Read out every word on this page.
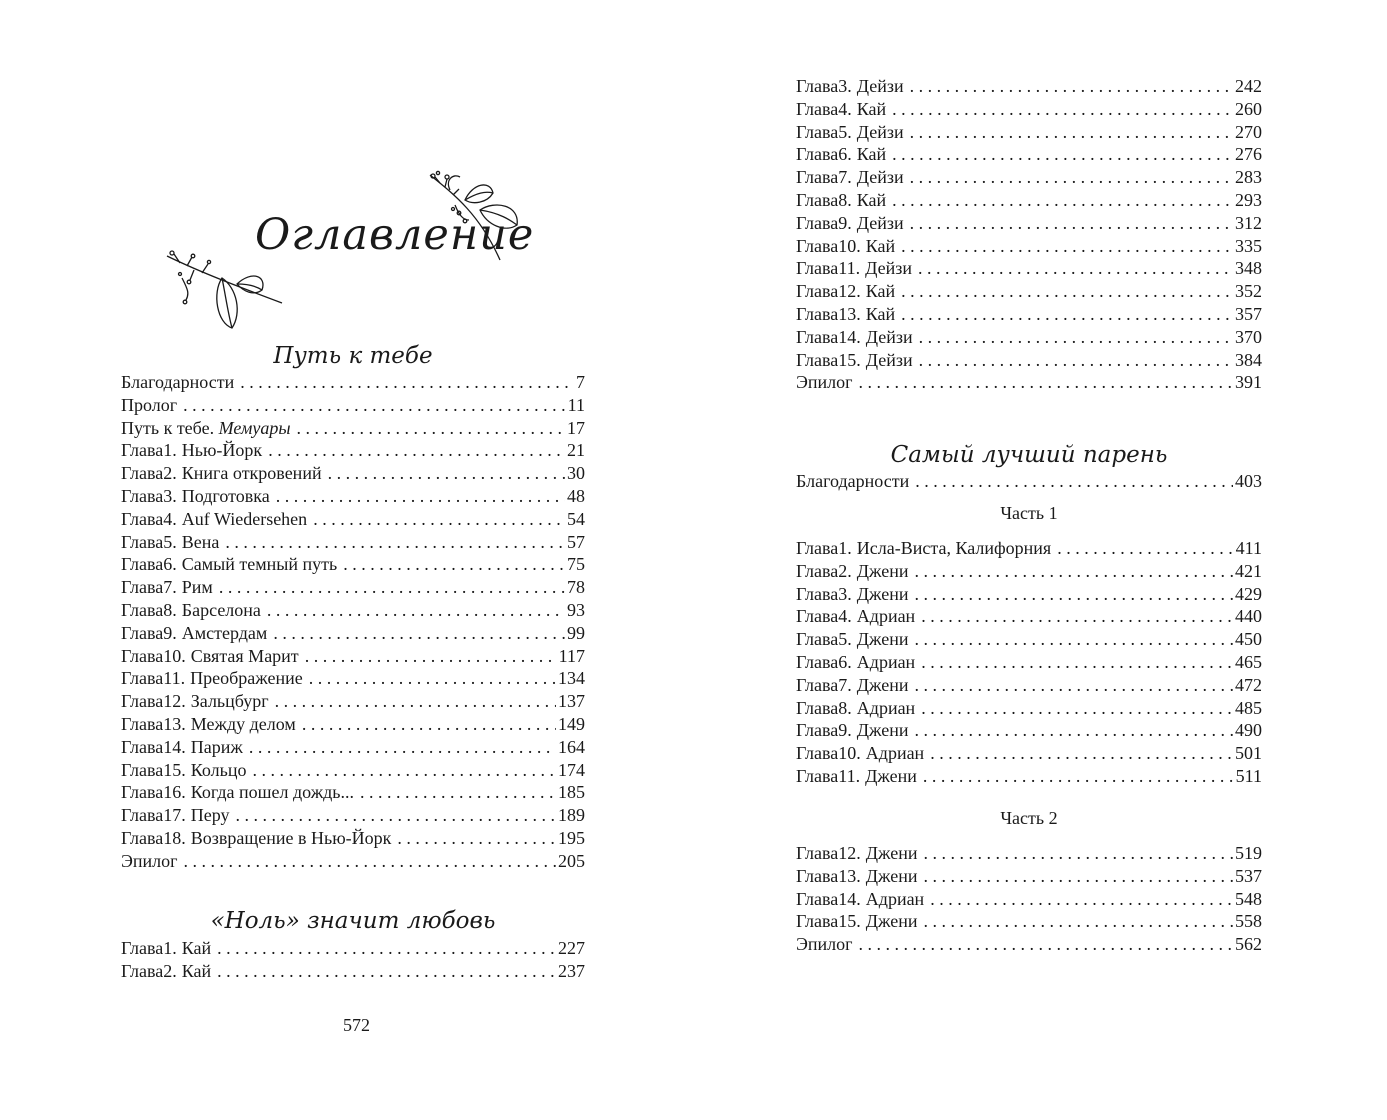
Оглавление
Путь к тебе
Благодарности . . .	7
Пролог . . .	11
Путь к тебе. Мемуары . . .	17
Глава 1. Нью-Йорк . . .	21
Глава 2. Книга откровений . . .	30
Глава 3. Подготовка . . .	48
Глава 4. Auf Wiedersehen . . .	54
Глава 5. Вена . . .	57
Глава 6. Самый темный путь . . .	75
Глава 7. Рим . . .	78
Глава 8. Барселона . . .	93
Глава 9. Амстердам . . .	99
Глава 10. Святая Марит . . .	117
Глава 11. Преображение . . .	134
Глава 12. Зальцбург . . .	137
Глава 13. Между делом . . .	149
Глава 14. Париж . . .	164
Глава 15. Кольцо . . .	174
Глава 16. Когда пошел дождь... . . .	185
Глава 17. Перу . . .	189
Глава 18. Возвращение в Нью-Йорк . . .	195
Эпилог . . .	205
«Ноль» значит любовь
Глава 1. Кай . . .	227
Глава 2. Кай . . .	237
572
Глава 3. Дейзи . . .	242
Глава 4. Кай . . .	260
Глава 5. Дейзи . . .	270
Глава 6. Кай . . .	276
Глава 7. Дейзи . . .	283
Глава 8. Кай . . .	293
Глава 9. Дейзи . . .	312
Глава 10. Кай . . .	335
Глава 11. Дейзи . . .	348
Глава 12. Кай . . .	352
Глава 13. Кай . . .	357
Глава 14. Дейзи . . .	370
Глава 15. Дейзи . . .	384
Эпилог . . .	391
Самый лучший парень
Благодарности . . .	403
Часть 1
Глава 1. Исла-Виста, Калифорния . . .	411
Глава 2. Джени . . .	421
Глава 3. Джени . . .	429
Глава 4. Адриан . . .	440
Глава 5. Джени . . .	450
Глава 6. Адриан . . .	465
Глава 7. Джени . . .	472
Глава 8. Адриан . . .	485
Глава 9. Джени . . .	490
Глава 10. Адриан . . .	501
Глава 11. Джени . . .	511
Часть 2
Глава 12. Джени . . .	519
Глава 13. Джени . . .	537
Глава 14. Адриан . . .	548
Глава 15. Джени . . .	558
Эпилог . . .	562
